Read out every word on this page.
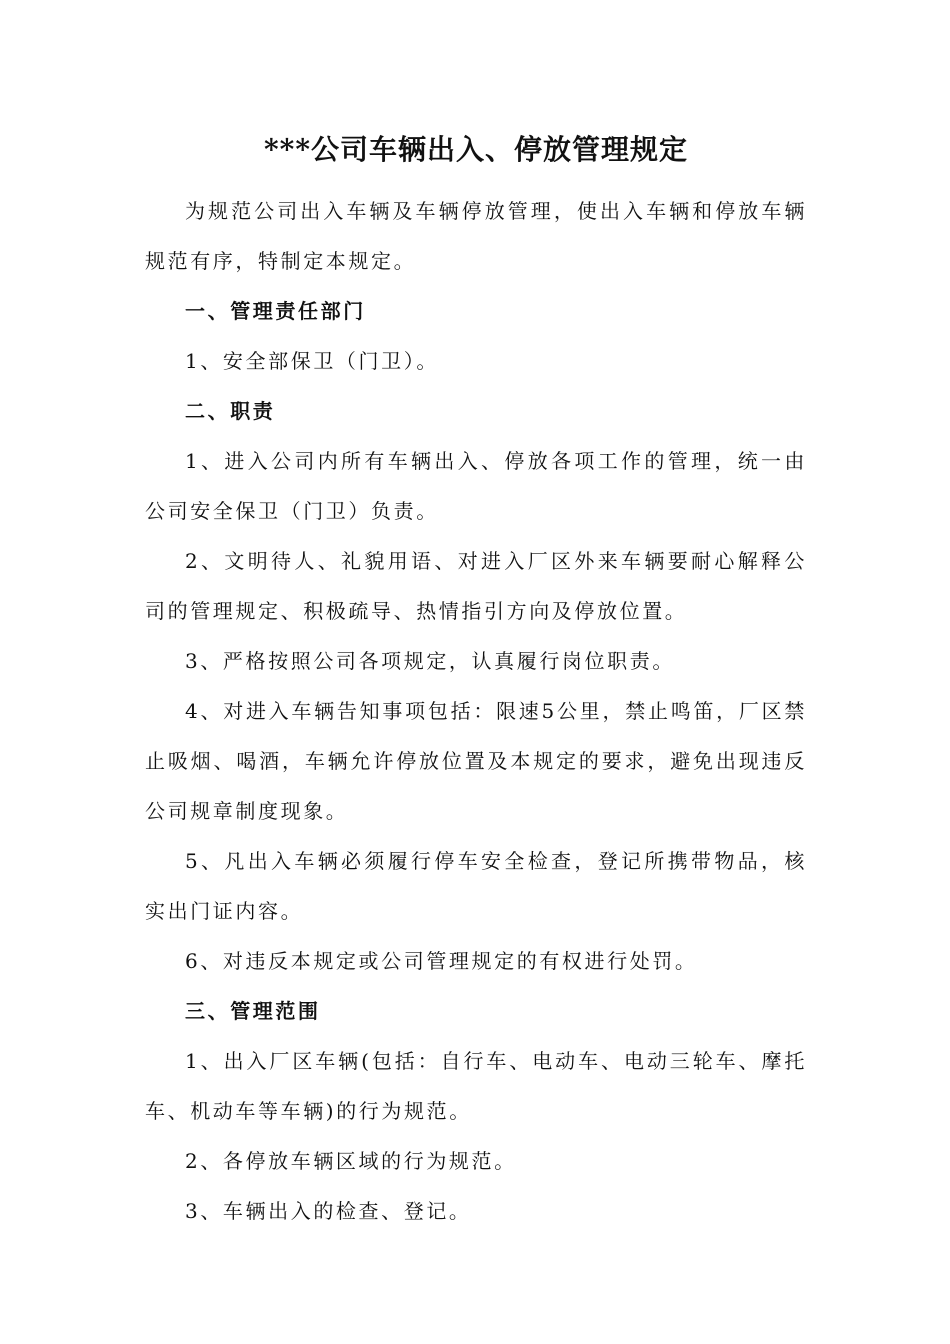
***公司车辆出入、停放管理规定

为规范公司出入车辆及车辆停放管理，使出入车辆和停放车辆规范有序，特制定本规定。

一、管理责任部门

1、安全部保卫（门卫）。

二、职责

1、进入公司内所有车辆出入、停放各项工作的管理，统一由公司安全保卫（门卫）负责。

2、文明待人、礼貌用语、对进入厂区外来车辆要耐心解释公司的管理规定、积极疏导、热情指引方向及停放位置。

3、严格按照公司各项规定，认真履行岗位职责。

4、对进入车辆告知事项包括：限速5公里，禁止鸣笛，厂区禁止吸烟、喝酒，车辆允许停放位置及本规定的要求，避免出现违反公司规章制度现象。

5、凡出入车辆必须履行停车安全检查，登记所携带物品，核实出门证内容。

6、对违反本规定或公司管理规定的有权进行处罚。

三、管理范围

1、出入厂区车辆(包括：自行车、电动车、电动三轮车、摩托车、机动车等车辆)的行为规范。

2、各停放车辆区域的行为规范。

3、车辆出入的检查、登记。
